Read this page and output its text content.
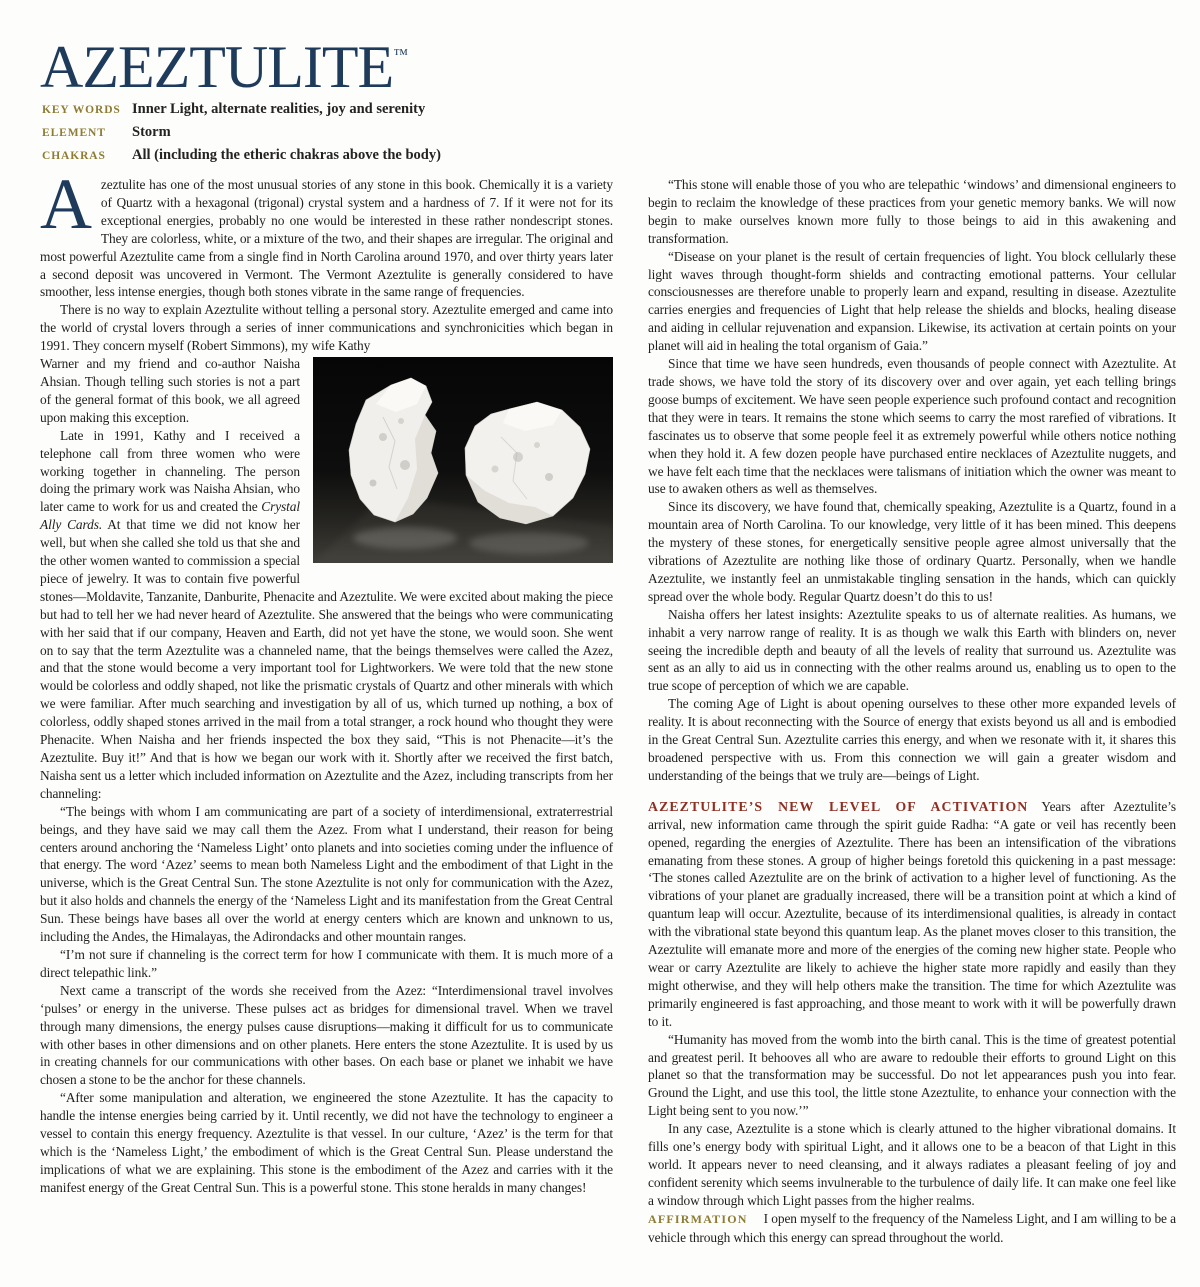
AZEZTULITE™
KEY WORDS Inner Light, alternate realities, joy and serenity
ELEMENT Storm
CHAKRAS All (including the etheric chakras above the body)

Azeztulite has one of the most unusual stories of any stone in this book. Chemically it is a variety of Quartz with a hexagonal (trigonal) crystal system and a hardness of 7. If it were not for its exceptional energies, probably no one would be interested in these rather nondescript stones. They are colorless, white, or a mixture of the two, and their shapes are irregular. The original and most powerful Azeztulite came from a single find in North Carolina around 1970, and over thirty years later a second deposit was uncovered in Vermont. The Vermont Azeztulite is generally considered to have smoother, less intense energies, though both stones vibrate in the same range of frequencies.

There is no way to explain Azeztulite without telling a personal story. Azeztulite emerged and came into the world of crystal lovers through a series of inner communications and synchronicities which began in 1991. They concern myself (Robert Simmons), my wife Kathy

Warner and my friend and co-author Naisha Ahsian. Though telling such stories is not a part of the general format of this book, we all agreed upon making this exception.

Late in 1991, Kathy and I received a telephone call from three women who were working together in channeling. The person doing the primary work was Naisha Ahsian, who later came to work for us and created the Crystal Ally Cards. At that time we did not know her well, but when she called she told us that she and the other women wanted to commission a special piece of jewelry. It was to contain five powerful stones—Moldavite, Tanzanite, Danburite, Phenacite and Azeztulite. We were excited about making the piece but had to tell her we had never heard of Azeztulite. She answered that the beings who were communicating with her said that if our company, Heaven and Earth, did not yet have the stone, we would soon. She went on to say that the term Azeztulite was a channeled name, that the beings themselves were called the Azez, and that the stone would become a very important tool for Lightworkers. We were told that the new stone would be colorless and oddly shaped, not like the prismatic crystals of Quartz and other minerals with which we were familiar. After much searching and investigation by all of us, which turned up nothing, a box of colorless, oddly shaped stones arrived in the mail from a total stranger, a rock hound who thought they were Phenacite. When Naisha and her friends inspected the box they said, “This is not Phenacite—it’s the Azeztulite. Buy it!” And that is how we began our work with it. Shortly after we received the first batch, Naisha sent us a letter which included information on Azeztulite and the Azez, including transcripts from her channeling:

“The beings with whom I am communicating are part of a society of interdimensional, extraterrestrial beings, and they have said we may call them the Azez. From what I understand, their reason for being centers around anchoring the ‘Nameless Light’ onto planets and into societies coming under the influence of that energy. The word ‘Azez’ seems to mean both Nameless Light and the embodiment of that Light in the universe, which is the Great Central Sun. The stone Azeztulite is not only for communication with the Azez, but it also holds and channels the energy of the ‘Nameless Light and its manifestation from the Great Central Sun. These beings have bases all over the world at energy centers which are known and unknown to us, including the Andes, the Himalayas, the Adirondacks and other mountain ranges.

“I’m not sure if channeling is the correct term for how I communicate with them. It is much more of a direct telepathic link.”

Next came a transcript of the words she received from the Azez: “Interdimensional travel involves ‘pulses’ or energy in the universe. These pulses act as bridges for dimensional travel. When we travel through many dimensions, the energy pulses cause disruptions—making it difficult for us to communicate with other bases in other dimensions and on other planets. Here enters the stone Azeztulite. It is used by us in creating channels for our communications with other bases. On each base or planet we inhabit we have chosen a stone to be the anchor for these channels.

“After some manipulation and alteration, we engineered the stone Azeztulite. It has the capacity to handle the intense energies being carried by it. Until recently, we did not have the technology to engineer a vessel to contain this energy frequency. Azeztulite is that vessel. In our culture, ‘Azez’ is the term for that which is the ‘Nameless Light,’ the embodiment of which is the Great Central Sun. Please understand the implications of what we are explaining. This stone is the embodiment of the Azez and carries with it the manifest energy of the Great Central Sun. This is a powerful stone. This stone heralds in many changes!

“This stone will enable those of you who are telepathic ‘windows’ and dimensional engineers to begin to reclaim the knowledge of these practices from your genetic memory banks. We will now begin to make ourselves known more fully to those beings to aid in this awakening and transformation.

“Disease on your planet is the result of certain frequencies of light. You block cellularly these light waves through thought-form shields and contracting emotional patterns. Your cellular consciousnesses are therefore unable to properly learn and expand, resulting in disease. Azeztulite carries energies and frequencies of Light that help release the shields and blocks, healing disease and aiding in cellular rejuvenation and expansion. Likewise, its activation at certain points on your planet will aid in healing the total organism of Gaia.”

Since that time we have seen hundreds, even thousands of people connect with Azeztulite. At trade shows, we have told the story of its discovery over and over again, yet each telling brings goose bumps of excitement. We have seen people experience such profound contact and recognition that they were in tears. It remains the stone which seems to carry the most rarefied of vibrations. It fascinates us to observe that some people feel it as extremely powerful while others notice nothing when they hold it. A few dozen people have purchased entire necklaces of Azeztulite nuggets, and we have felt each time that the necklaces were talismans of initiation which the owner was meant to use to awaken others as well as themselves.

Since its discovery, we have found that, chemically speaking, Azeztulite is a Quartz, found in a mountain area of North Carolina. To our knowledge, very little of it has been mined. This deepens the mystery of these stones, for energetically sensitive people agree almost universally that the vibrations of Azeztulite are nothing like those of ordinary Quartz. Personally, when we handle Azeztulite, we instantly feel an unmistakable tingling sensation in the hands, which can quickly spread over the whole body. Regular Quartz doesn’t do this to us!

Naisha offers her latest insights: Azeztulite speaks to us of alternate realities. As humans, we inhabit a very narrow range of reality. It is as though we walk this Earth with blinders on, never seeing the incredible depth and beauty of all the levels of reality that surround us. Azeztulite was sent as an ally to aid us in connecting with the other realms around us, enabling us to open to the true scope of perception of which we are capable.

The coming Age of Light is about opening ourselves to these other more expanded levels of reality. It is about reconnecting with the Source of energy that exists beyond us all and is embodied in the Great Central Sun. Azeztulite carries this energy, and when we resonate with it, it shares this broadened perspective with us. From this connection we will gain a greater wisdom and understanding of the beings that we truly are—beings of Light.

AZEZTULITE’S NEW LEVEL OF ACTIVATION Years after Azeztulite’s arrival, new information came through the spirit guide Radha: “A gate or veil has recently been opened, regarding the energies of Azeztulite. There has been an intensification of the vibrations emanating from these stones. A group of higher beings foretold this quickening in a past message: ‘The stones called Azeztulite are on the brink of activation to a higher level of functioning. As the vibrations of your planet are gradually increased, there will be a transition point at which a kind of quantum leap will occur. Azeztulite, because of its interdimensional qualities, is already in contact with the vibrational state beyond this quantum leap. As the planet moves closer to this transition, the Azeztulite will emanate more and more of the energies of the coming new higher state. People who wear or carry Azeztulite are likely to achieve the higher state more rapidly and easily than they might otherwise, and they will help others make the transition. The time for which Azeztulite was primarily engineered is fast approaching, and those meant to work with it will be powerfully drawn to it.

“Humanity has moved from the womb into the birth canal. This is the time of greatest potential and greatest peril. It behooves all who are aware to redouble their efforts to ground Light on this planet so that the transformation may be successful. Do not let appearances push you into fear. Ground the Light, and use this tool, the little stone Azeztulite, to enhance your connection with the Light being sent to you now.’”

In any case, Azeztulite is a stone which is clearly attuned to the higher vibrational domains. It fills one’s energy body with spiritual Light, and it allows one to be a beacon of that Light in this world. It appears never to need cleansing, and it always radiates a pleasant feeling of joy and confident serenity which seems invulnerable to the turbulence of daily life. It can make one feel like a window through which Light passes from the higher realms.

AFFIRMATION I open myself to the frequency of the Nameless Light, and I am willing to be a vehicle through which this energy can spread throughout the world.
